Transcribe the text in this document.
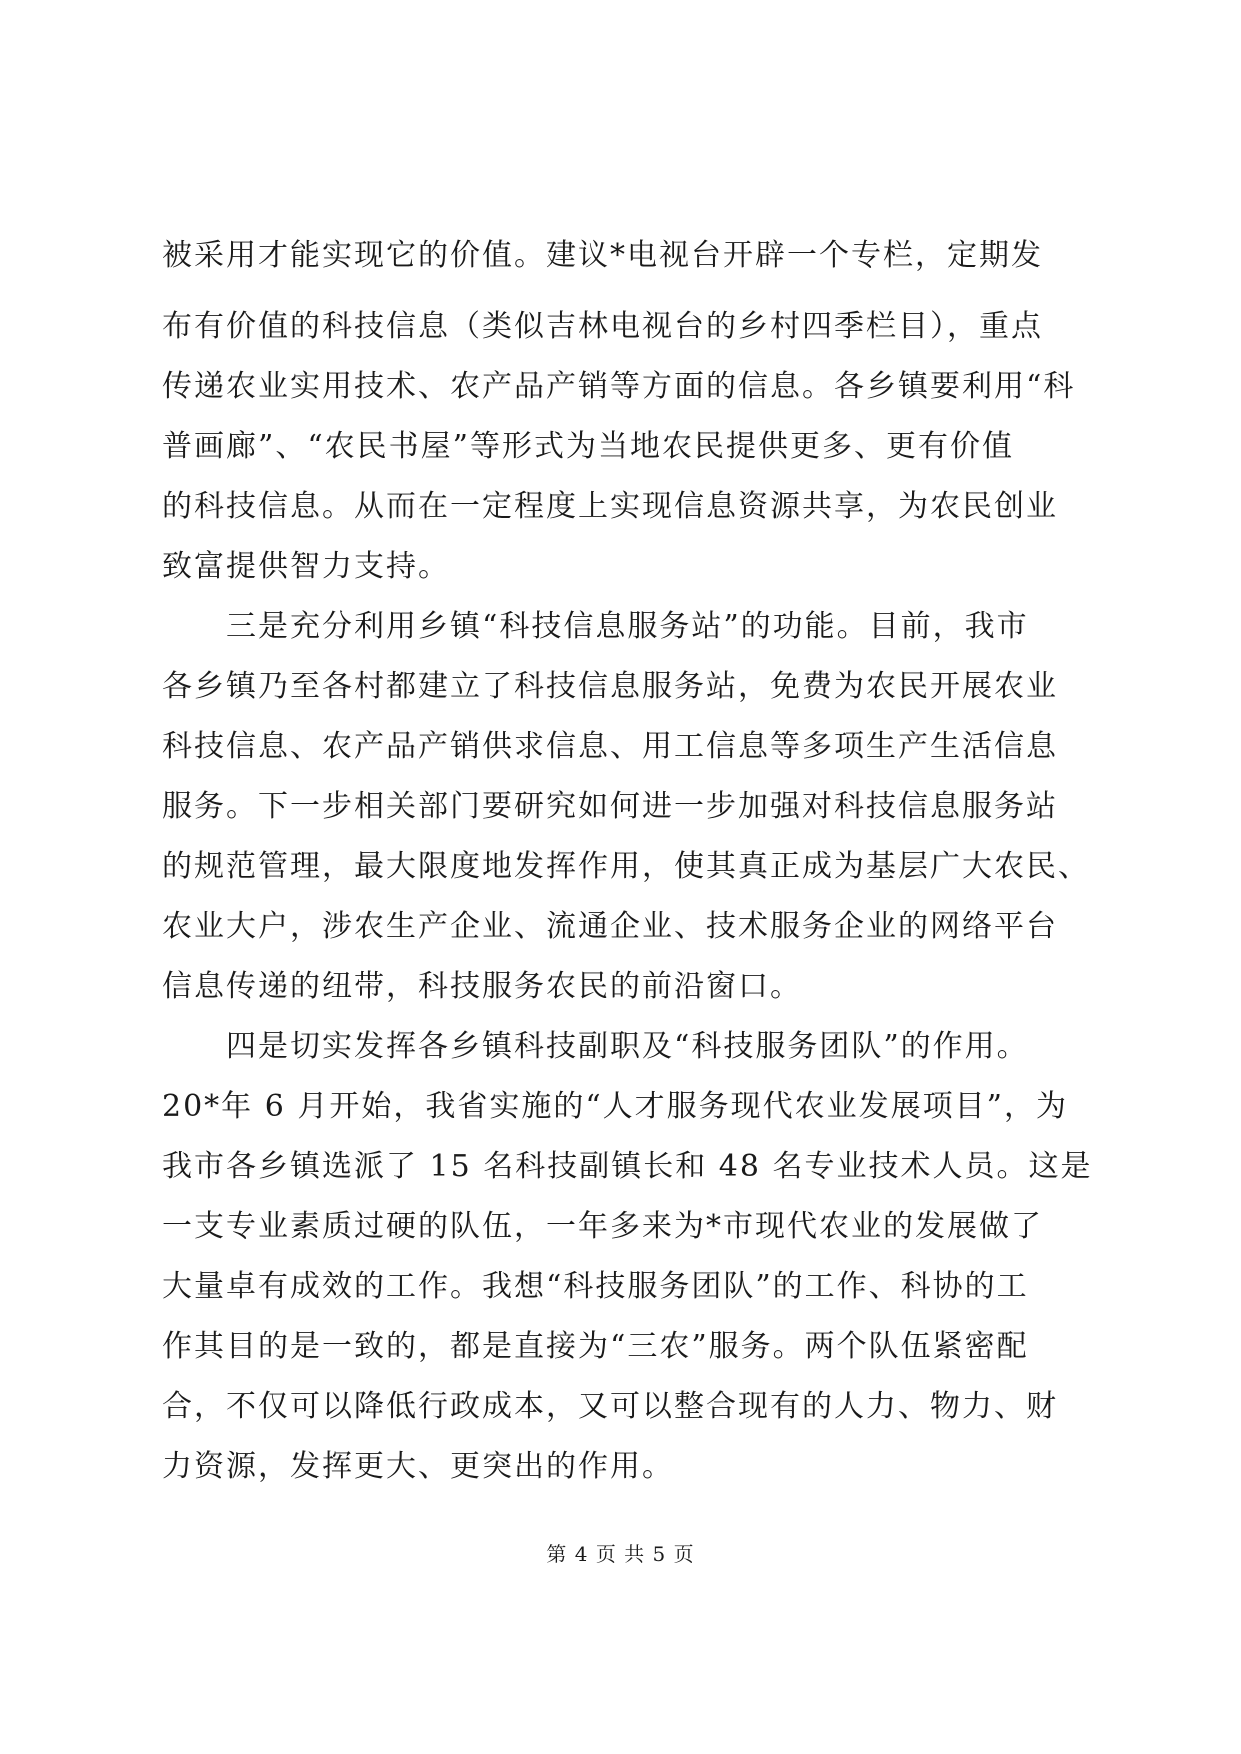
被采用才能实现它的价值。建议*电视台开辟一个专栏，定期发
布有价值的科技信息（类似吉林电视台的乡村四季栏目），重点
传递农业实用技术、农产品产销等方面的信息。各乡镇要利用“科
普画廊”、“农民书屋”等形式为当地农民提供更多、更有价值
的科技信息。从而在一定程度上实现信息资源共享，为农民创业
致富提供智力支持。
　　三是充分利用乡镇“科技信息服务站”的功能。目前，我市
各乡镇乃至各村都建立了科技信息服务站，免费为农民开展农业
科技信息、农产品产销供求信息、用工信息等多项生产生活信息
服务。下一步相关部门要研究如何进一步加强对科技信息服务站
的规范管理，最大限度地发挥作用，使其真正成为基层广大农民、
农业大户，涉农生产企业、流通企业、技术服务企业的网络平台
信息传递的纽带，科技服务农民的前沿窗口。
　　四是切实发挥各乡镇科技副职及“科技服务团队”的作用。
20*年 6 月开始，我省实施的“人才服务现代农业发展项目”，为
我市各乡镇选派了 15 名科技副镇长和 48 名专业技术人员。这是
一支专业素质过硬的队伍，一年多来为*市现代农业的发展做了
大量卓有成效的工作。我想“科技服务团队”的工作、科协的工
作其目的是一致的，都是直接为“三农”服务。两个队伍紧密配
合，不仅可以降低行政成本，又可以整合现有的人力、物力、财
力资源，发挥更大、更突出的作用。
第 4 页 共 5 页
